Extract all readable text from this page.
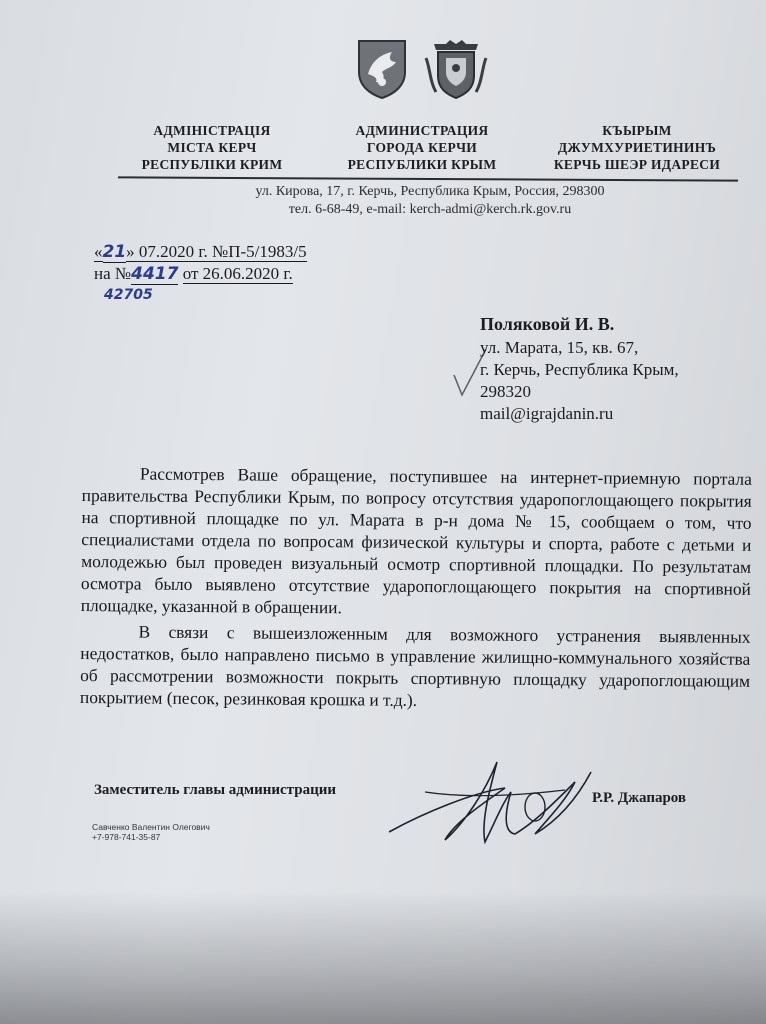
АДМІНІСТРАЦІЯ
МІСТА КЕРЧ
РЕСПУБЛІКИ КРИМ
АДМИНИСТРАЦИЯ
ГОРОДА КЕРЧИ
РЕСПУБЛИКИ КРЫМ
КЪЫРЫМ
ДЖУМХУРИЕТИНИНЪ
КЕРЧЬ ШЕЭР ИДАРЕСИ
ул. Кирова, 17, г. Керчь, Республика Крым, Россия, 298300
тел. 6-68-49, e-mail: kerch-admi@kerch.rk.gov.ru
«21» 07.2020 г. №П-5/1983/5
на №4417 от 26.06.2020 г.
42705
Поляковой И. В.
ул. Марата, 15, кв. 67,
г. Керчь, Республика Крым,
298320
mail@igrajdanin.ru

Рассмотрев Ваше обращение, поступившее на интернет-приемную портала правительства Республики Крым, по вопросу отсутствия ударопоглощающего покрытия на спортивной площадке по ул. Марата в р-н дома № 15, сообщаем о том, что специалистами отдела по вопросам физической культуры и спорта, работе с детьми и молодежью был проведен визуальный осмотр спортивной площадки. По результатам осмотра было выявлено отсутствие ударопоглощающего покрытия на спортивной площадке, указанной в обращении.

В связи с вышеизложенным для возможного устранения выявленных недостатков, было направлено письмо в управление жилищно-коммунального хозяйства об рассмотрении возможности покрыть спортивную площадку ударопоглощающим покрытием (песок, резинковая крошка и т.д.).

Заместитель главы администрации	Р.Р. Джапаров
Савченко Валентин Олегович
+7-978-741-35-87
